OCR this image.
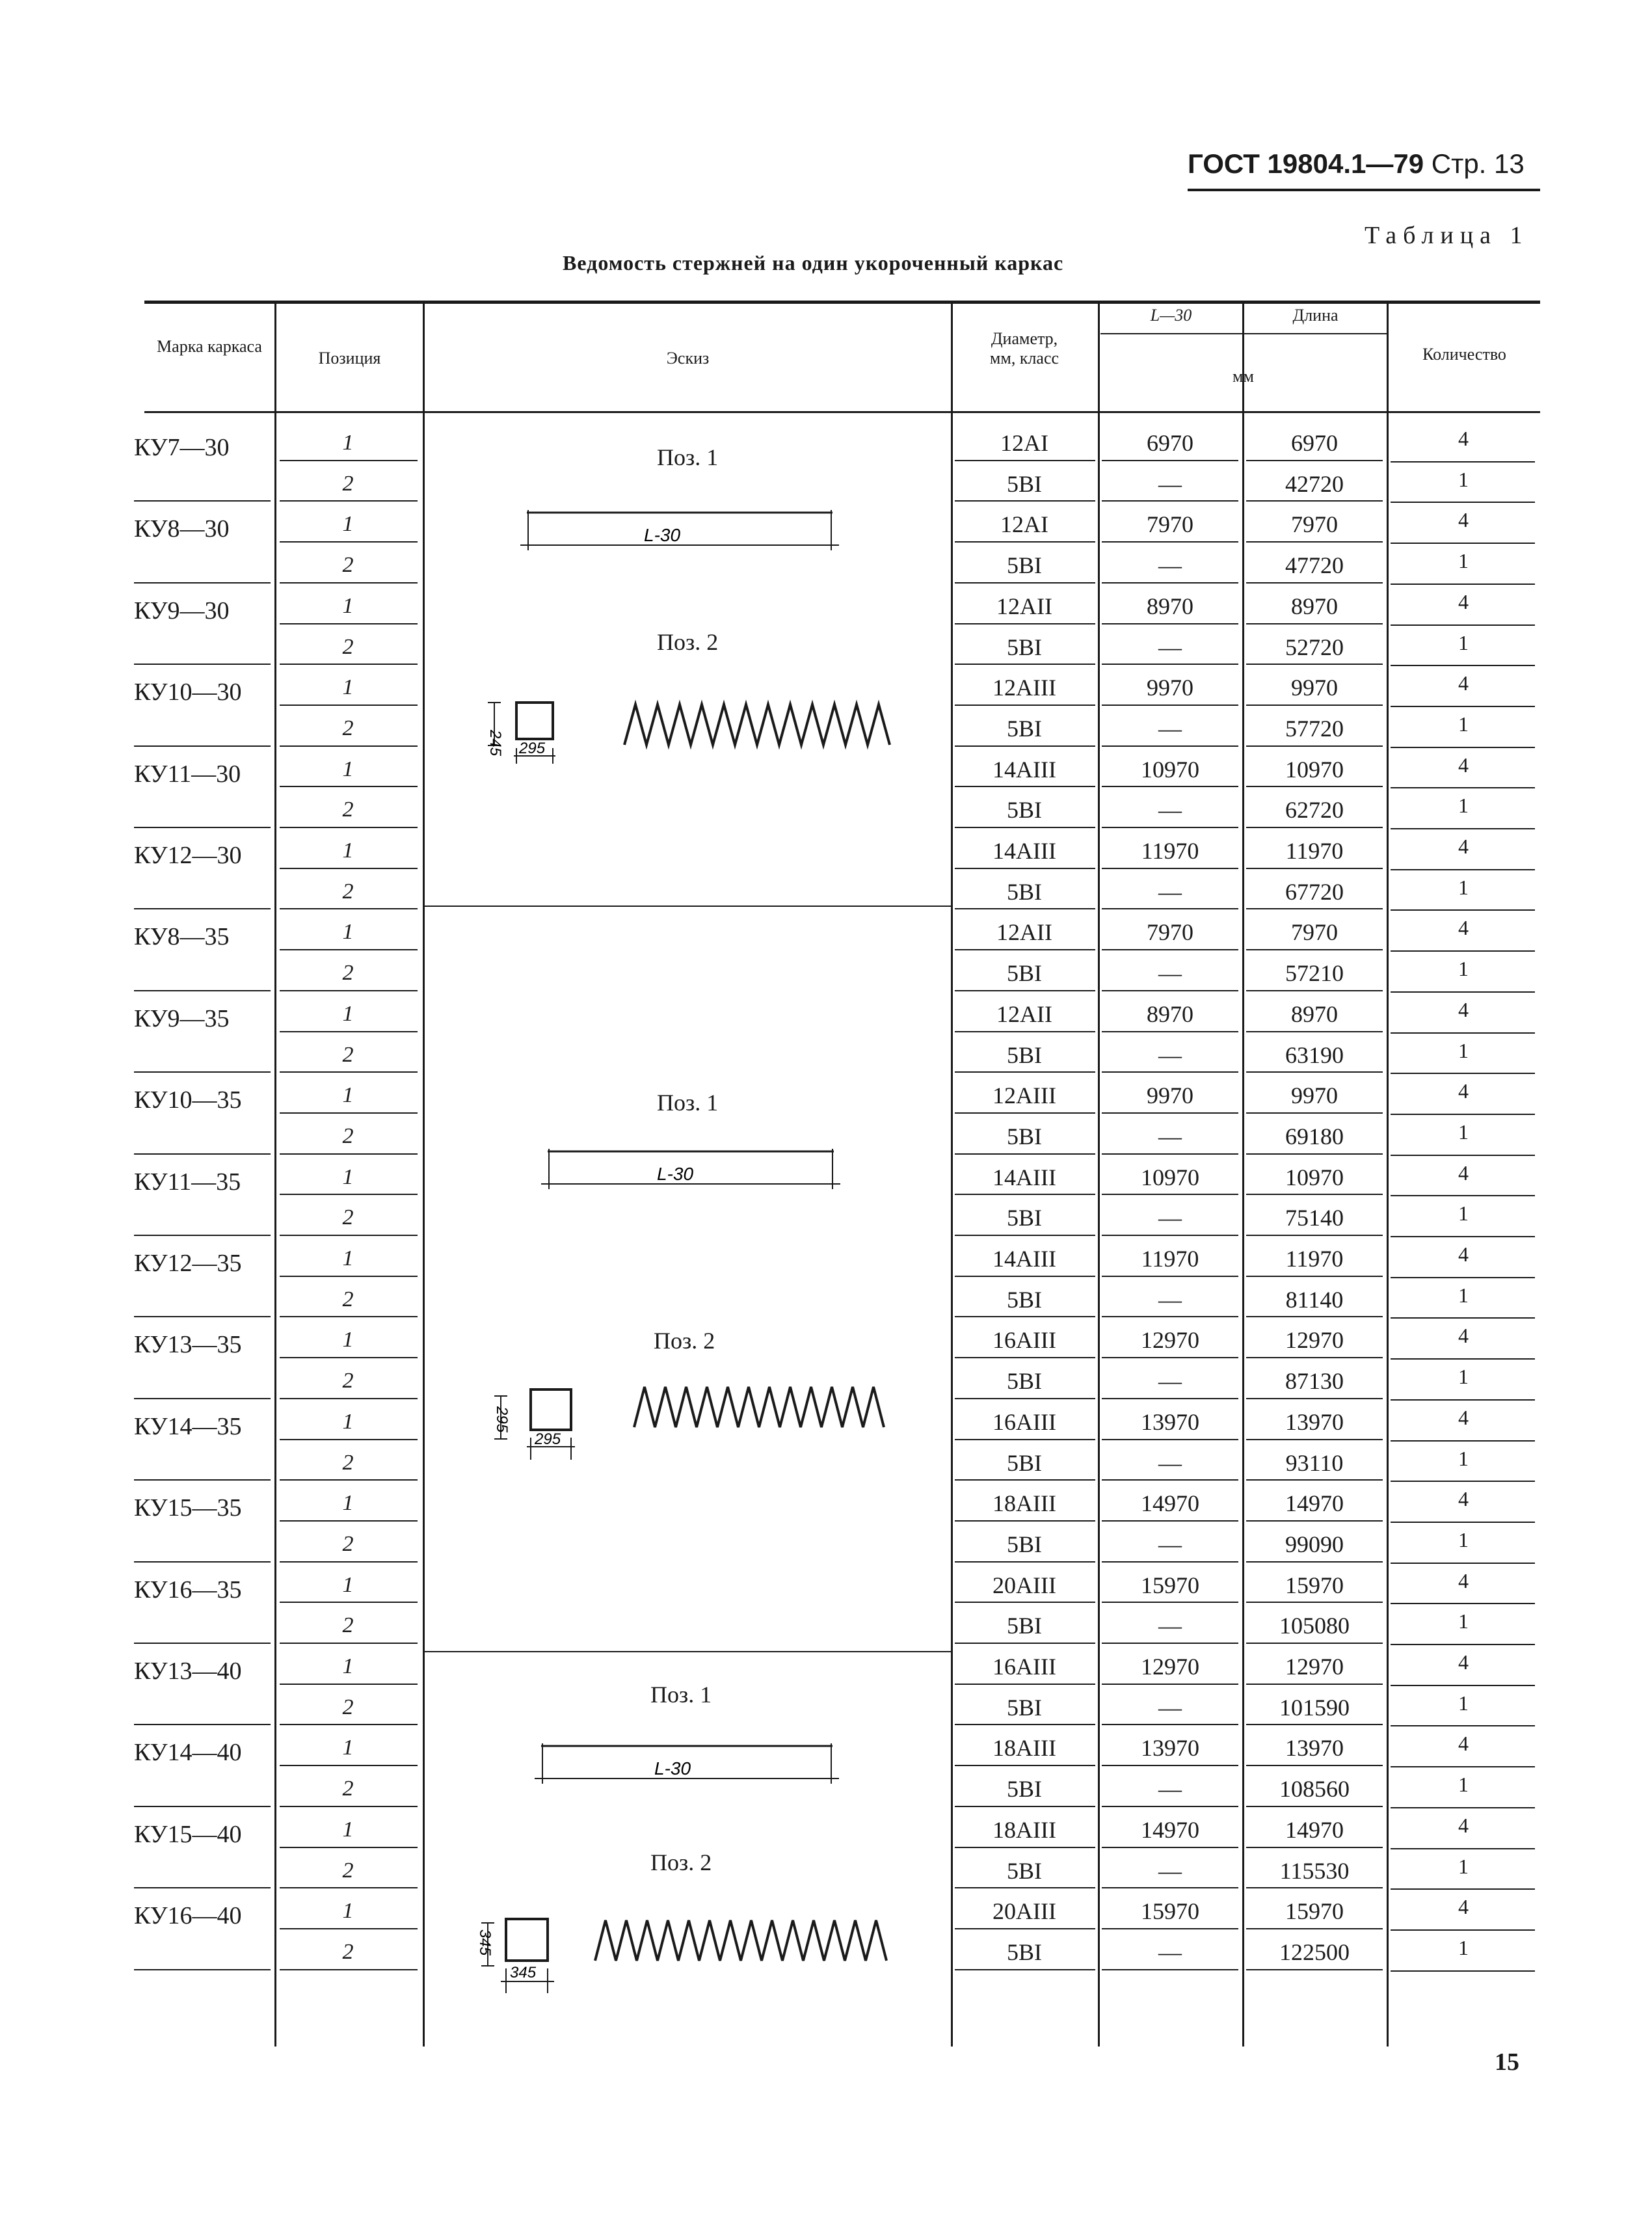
ГОСТ 19804.1—79 Стр. 13
Таблица 1
Ведомость стержней на один укороченный каркас
Марка каркаса
Позиция	Эскиз
Диаметр, мм, класс
L—30	Длина
мм
Количество
КУ7—30	1	12AI	6970	6970	4
2	5BI	—	42720	1
КУ8—30	1	12AI	7970	7970	4
2	5BI	—	47720	1
КУ9—30	1	12AII	8970	8970	4
2	5BI	—	52720	1
КУ10—30	1	12AIII	9970	9970	4
2	5BI	—	57720	1
КУ11—30	1	14AIII	10970	10970	4
2	5BI	—	62720	1
КУ12—30	1	14AIII	11970	11970	4
2	5BI	—	67720	1
КУ8—35	1	12AII	7970	7970	4
2	5BI	—	57210	1
КУ9—35	1	12AII	8970	8970	4
2	5BI	—	63190	1
КУ10—35	1	12AIII	9970	9970	4
2	5BI	—	69180	1
КУ11—35	1	14AIII	10970	10970	4
2	5BI	—	75140	1
КУ12—35	1	14AIII	11970	11970	4
2	5BI	—	81140	1
КУ13—35	1	16AIII	12970	12970	4
2	5BI	—	87130	1
КУ14—35	1	16AIII	13970	13970	4
2	5BI	—	93110	1
КУ15—35	1	18AIII	14970	14970	4
2	5BI	—	99090	1
КУ16—35	1	20AIII	15970	15970	4
2	5BI	—	105080	1
КУ13—40	1	16AIII	12970	12970	4
2	5BI	—	101590	1
КУ14—40	1	18AIII	13970	13970	4
2	5BI	—	108560	1
КУ15—40	1	18AIII	14970	14970	4
2	5BI	—	115530	1
КУ16—40	1	20AIII	15970	15970	4
2	5BI	—	122500	1
Поз. 1
L-30
Поз. 2
245 295
Поз. 1
L-30
Поз. 2
295
295
Поз. 1
L-30
Поз. 2
345
345
15
